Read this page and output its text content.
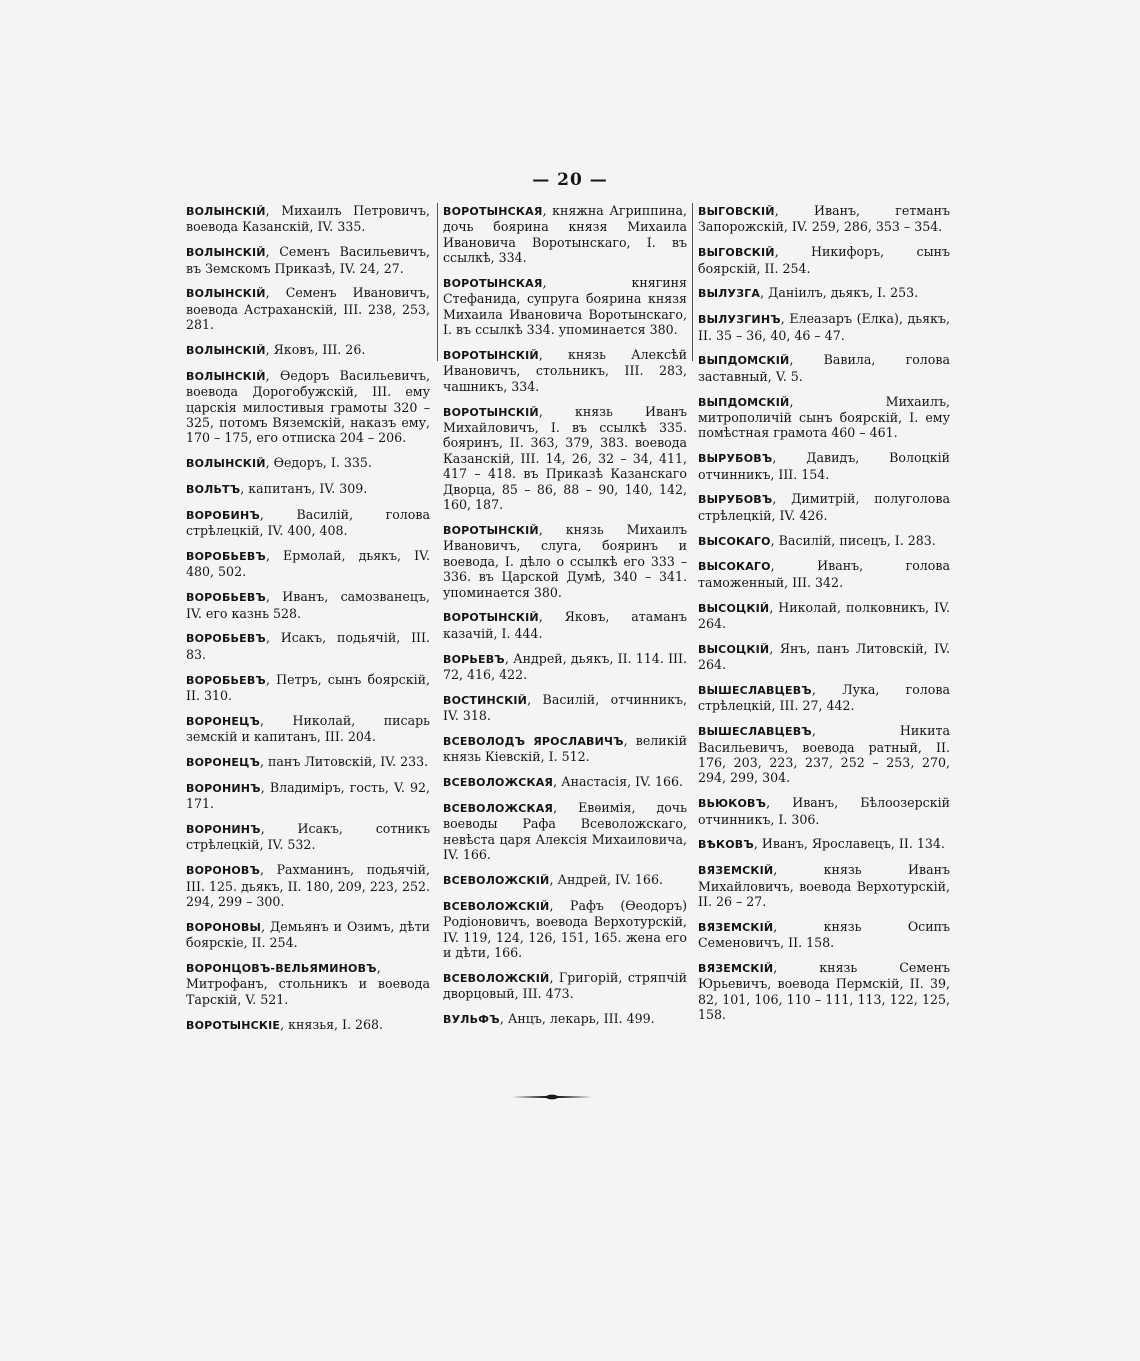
— 20 —

ВОЛЫНСКІЙ, Михаилъ Петровичъ, воевода Казанскій, IV. 335.

ВОЛЫНСКІЙ, Семенъ Васильевичъ, въ Земскомъ Приказѣ, IV. 24, 27.

ВОЛЫНСКІЙ, Семенъ Ивановичъ, воевода Астраханскій, III. 238, 253, 281.

ВОЛЫНСКІЙ, Яковъ, III. 26.

ВОЛЫНСКІЙ, Ѳедоръ Васильевичъ, воевода Дорогобужскій, III. ему царскія милостивыя грамоты 320 – 325, потомъ Вяземскій, наказъ ему, 170 – 175, его отписка 204 – 206.

ВОЛЫНСКІЙ, Ѳедоръ, I. 335.

ВОЛЬТЪ, капитанъ, IV. 309.

ВОРОБИНЪ, Василій, голова стрѣлецкій, IV. 400, 408.

ВОРОБЬЕВЪ, Ермолай, дьякъ, IV. 480, 502.

ВОРОБЬЕВЪ, Иванъ, самозванецъ, IV. его казнь 528.

ВОРОБЬЕВЪ, Исакъ, подьячій, III. 83.

ВОРОБЬЕВЪ, Петръ, сынъ боярскій, II. 310.

ВОРОНЕЦЪ, Николай, писарь земскій и капитанъ, III. 204.

ВОРОНЕЦЪ, панъ Литовскій, IV. 233.

ВОРОНИНЪ, Владиміръ, гость, V. 92, 171.

ВОРОНИНЪ, Исакъ, сотникъ стрѣлецкій, IV. 532.

ВОРОНОВЪ, Рахманинъ, подьячій, III. 125. дьякъ, II. 180, 209, 223, 252. 294, 299 – 300.

ВОРОНОВЫ, Демьянъ и Озимъ, дѣти боярскіе, II. 254.

ВОРОНЦОВЪ-ВЕЛЬЯМИНОВЪ, Митрофанъ, стольникъ и воевода Тарскій, V. 521.

ВОРОТЫНСКІЕ, князья, I. 268.

ВОРОТЫНСКАЯ, княжна Агриппина, дочь боярина князя Михаила Ивановича Воротынскаго, I. въ ссылкѣ, 334.

ВОРОТЫНСКАЯ, княгиня Стефанида, супруга боярина князя Михаила Ивановича Воротынскаго, I. въ ссылкѣ 334. упоминается 380.

ВОРОТЫНСКІЙ, князь Алексѣй Ивановичъ, стольникъ, III. 283, чашникъ, 334.

ВОРОТЫНСКІЙ, князь Иванъ Михайловичъ, I. въ ссылкѣ 335. бояринъ, II. 363, 379, 383. воевода Казанскій, III. 14, 26, 32 – 34, 411, 417 – 418. въ Приказѣ Казанскаго Дворца, 85 – 86, 88 – 90, 140, 142, 160, 187.

ВОРОТЫНСКІЙ, князь Михаилъ Ивановичъ, слуга, бояринъ и воевода, I. дѣло о ссылкѣ его 333 – 336. въ Царской Думѣ, 340 – 341. упоминается 380.

ВОРОТЫНСКІЙ, Яковъ, атаманъ казачій, I. 444.

ВОРЬЕВЪ, Андрей, дьякъ, II. 114. III. 72, 416, 422.

ВОСТИНСКІЙ, Василій, отчинникъ, IV. 318.

ВСЕВОЛОДЪ ЯРОСЛАВИЧЪ, великій князь Кіевскій, I. 512.

ВСЕВОЛОЖСКАЯ, Анастасія, IV. 166.

ВСЕВОЛОЖСКАЯ, Евѳимія, дочь воеводы Рафа Всеволожскаго, невѣста царя Алексія Михаиловича, IV. 166.

ВСЕВОЛОЖСКІЙ, Андрей, IV. 166.

ВСЕВОЛОЖСКІЙ, Рафъ (Ѳеодоръ) Родіоновичъ, воевода Верхотурскій, IV. 119, 124, 126, 151, 165. жена его и дѣти, 166.

ВСЕВОЛОЖСКІЙ, Григорій, стряпчій дворцовый, III. 473.

ВУЛЬФЪ, Анцъ, лекарь, III. 499.

ВЫГОВСКІЙ, Иванъ, гетманъ Запорожскій, IV. 259, 286, 353 – 354.

ВЫГОВСКІЙ, Никифоръ, сынъ боярскій, II. 254.

ВЫЛУЗГА, Даніилъ, дьякъ, I. 253.

ВЫЛУЗГИНЪ, Елеазаръ (Елка), дьякъ, II. 35 – 36, 40, 46 – 47.

ВЫПДОМСКІЙ, Вавила, голова заставный, V. 5.

ВЫПДОМСКІЙ, Михаилъ, митрополичій сынъ боярскій, I. ему помѣстная грамота 460 – 461.

ВЫРУБОВЪ, Давидъ, Волоцкій отчинникъ, III. 154.

ВЫРУБОВЪ, Димитрій, полуголова стрѣлецкій, IV. 426.

ВЫСОКАГО, Василій, писецъ, I. 283.

ВЫСОКАГО, Иванъ, голова таможенный, III. 342.

ВЫСОЦКІЙ, Николай, полковникъ, IV. 264.

ВЫСОЦКІЙ, Янъ, панъ Литовскій, IV. 264.

ВЫШЕСЛАВЦЕВЪ, Лука, голова стрѣлецкій, III. 27, 442.

ВЫШЕСЛАВЦЕВЪ, Никита Васильевичъ, воевода ратный, II. 176, 203, 223, 237, 252 – 253, 270, 294, 299, 304.

ВЬЮКОВЪ, Иванъ, Бѣлоозерскій отчинникъ, I. 306.

ВѢКОВЪ, Иванъ, Ярославецъ, II. 134.

ВЯЗЕМСКІЙ, князь Иванъ Михайловичъ, воевода Верхотурскій, II. 26 – 27.

ВЯЗЕМСКІЙ, князь Осипъ Семеновичъ, II. 158.

ВЯЗЕМСКІЙ, князь Семенъ Юрьевичъ, воевода Пермскій, II. 39, 82, 101, 106, 110 – 111, 113, 122, 125, 158.
